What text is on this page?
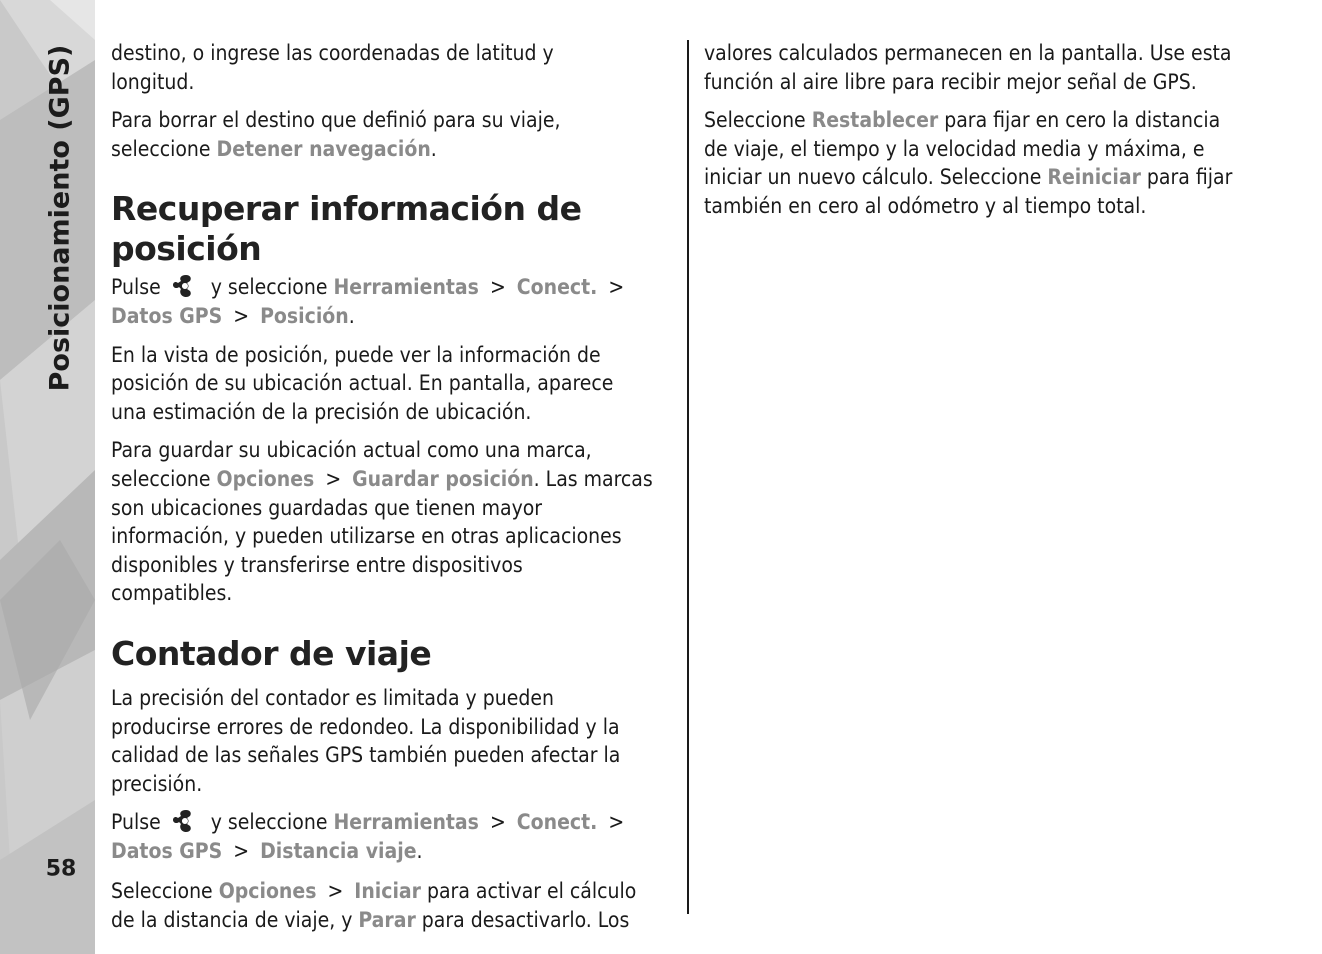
Posicionamiento (GPS)
58

destino, o ingrese las coordenadas de latitud y
longitud.

Para borrar el destino que definió para su viaje,
seleccione Detener navegación.

Recuperar información de posición

Pulse y seleccione Herramientas > Conect. >
Datos GPS > Posición.

En la vista de posición, puede ver la información de
posición de su ubicación actual. En pantalla, aparece
una estimación de la precisión de ubicación.

Para guardar su ubicación actual como una marca,
seleccione Opciones > Guardar posición. Las marcas
son ubicaciones guardadas que tienen mayor
información, y pueden utilizarse en otras aplicaciones
disponibles y transferirse entre dispositivos
compatibles.

Contador de viaje

La precisión del contador es limitada y pueden
producirse errores de redondeo. La disponibilidad y la
calidad de las señales GPS también pueden afectar la
precisión.

Pulse y seleccione Herramientas > Conect. >
Datos GPS > Distancia viaje.

Seleccione Opciones > Iniciar para activar el cálculo
de la distancia de viaje, y Parar para desactivarlo. Los

valores calculados permanecen en la pantalla. Use esta
función al aire libre para recibir mejor señal de GPS.

Seleccione Restablecer para fijar en cero la distancia
de viaje, el tiempo y la velocidad media y máxima, e
iniciar un nuevo cálculo. Seleccione Reiniciar para fijar
también en cero al odómetro y al tiempo total.
